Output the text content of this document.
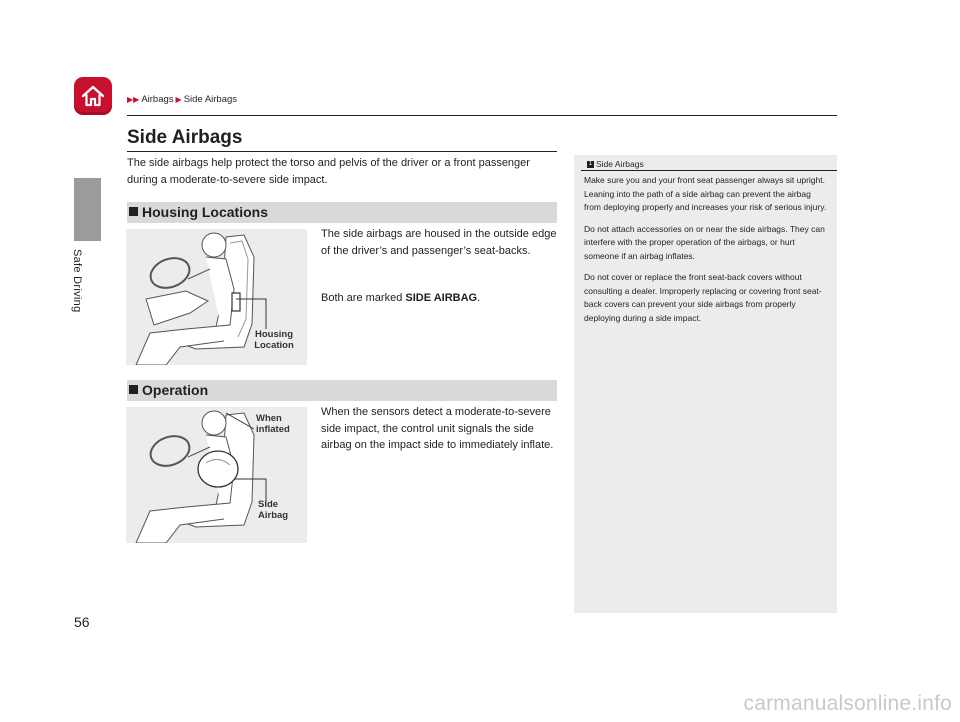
Safe Driving
▶▶ Airbags ▶ Side Airbags
Side Airbags

The side airbags help protect the torso and pelvis of the driver or a front passenger during a moderate-to-severe side impact.

Housing Locations
Housing Location

The side airbags are housed in the outside edge of the driver’s and passenger’s seat-backs.

Both are marked SIDE AIRBAG.

Operation
When inflated
Side Airbag

When the sensors detect a moderate-to-severe side impact, the control unit signals the side airbag on the impact side to immediately inflate.

1 Side Airbags

Make sure you and your front seat passenger always sit upright. Leaning into the path of a side airbag can prevent the airbag from deploying properly and increases your risk of serious injury.

Do not attach accessories on or near the side airbags. They can interfere with the proper operation of the airbags, or hurt someone if an airbag inflates.

Do not cover or replace the front seat-back covers without consulting a dealer. Improperly replacing or covering front seat-back covers can prevent your side airbags from properly deploying during a side impact.

56
carmanualsonline.info
